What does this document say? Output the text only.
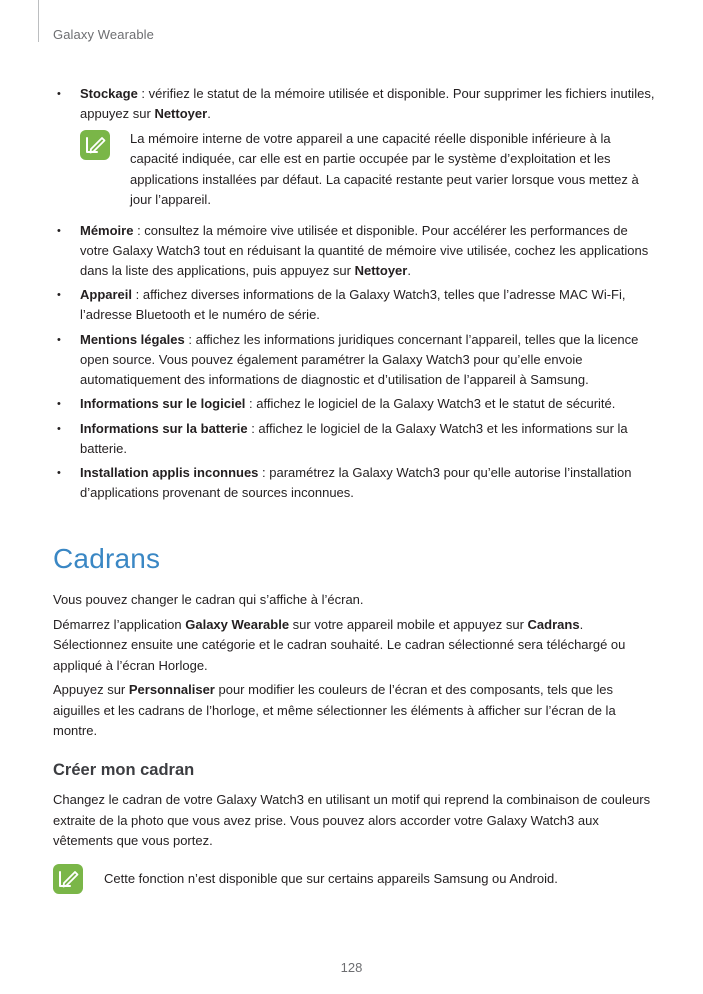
Galaxy Wearable
• Stockage : vérifiez le statut de la mémoire utilisée et disponible. Pour supprimer les fichiers inutiles, appuyez sur Nettoyer.
La mémoire interne de votre appareil a une capacité réelle disponible inférieure à la capacité indiquée, car elle est en partie occupée par le système d’exploitation et les applications installées par défaut. La capacité restante peut varier lorsque vous mettez à jour l’appareil.
• Mémoire : consultez la mémoire vive utilisée et disponible. Pour accélérer les performances de votre Galaxy Watch3 tout en réduisant la quantité de mémoire vive utilisée, cochez les applications dans la liste des applications, puis appuyez sur Nettoyer.
• Appareil : affichez diverses informations de la Galaxy Watch3, telles que l’adresse MAC Wi-Fi, l’adresse Bluetooth et le numéro de série.
• Mentions légales : affichez les informations juridiques concernant l’appareil, telles que la licence open source. Vous pouvez également paramétrer la Galaxy Watch3 pour qu’elle envoie automatiquement des informations de diagnostic et d’utilisation de l’appareil à Samsung.
• Informations sur le logiciel : affichez le logiciel de la Galaxy Watch3 et le statut de sécurité.
• Informations sur la batterie : affichez le logiciel de la Galaxy Watch3 et les informations sur la batterie.
• Installation applis inconnues : paramétrez la Galaxy Watch3 pour qu’elle autorise l’installation d’applications provenant de sources inconnues.
Cadrans

Vous pouvez changer le cadran qui s’affiche à l’écran.

Démarrez l’application Galaxy Wearable sur votre appareil mobile et appuyez sur Cadrans. Sélectionnez ensuite une catégorie et le cadran souhaité. Le cadran sélectionné sera téléchargé ou appliqué à l’écran Horloge.

Appuyez sur Personnaliser pour modifier les couleurs de l’écran et des composants, tels que les aiguilles et les cadrans de l’horloge, et même sélectionner les éléments à afficher sur l’écran de la montre.

Créer mon cadran

Changez le cadran de votre Galaxy Watch3 en utilisant un motif qui reprend la combinaison de couleurs extraite de la photo que vous avez prise. Vous pouvez alors accorder votre Galaxy Watch3 aux vêtements que vous portez.

Cette fonction n’est disponible que sur certains appareils Samsung ou Android.
128
